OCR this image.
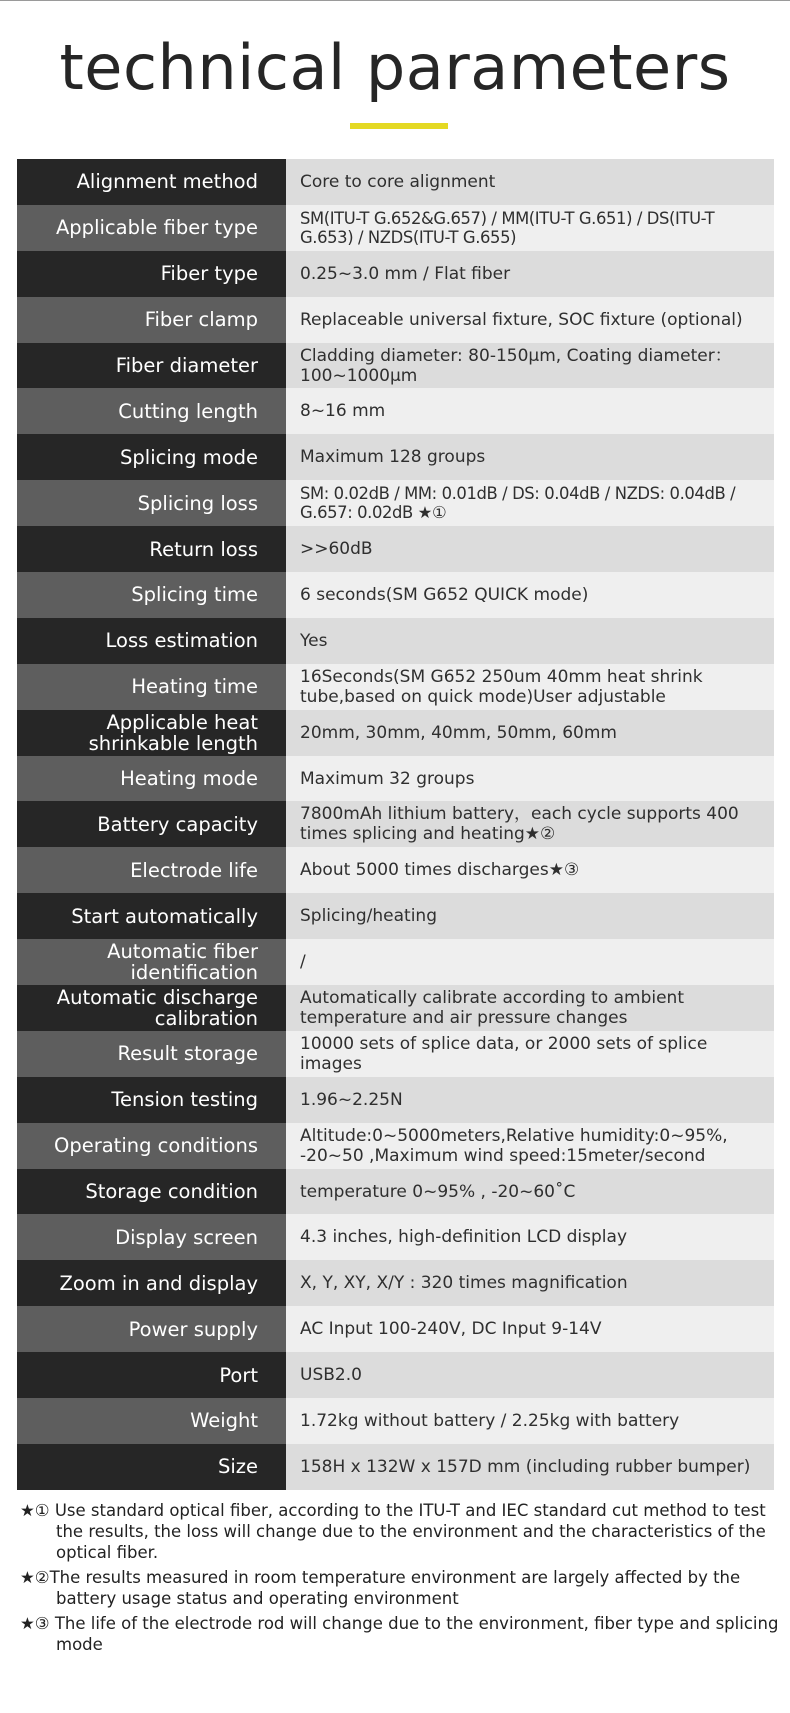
technical parameters
Alignment method Core to core alignment
Applicable fiber type	SM(ITU-T G.652&G.657) / MM(ITU-T G.651) / DS(ITU-T G.653) / NZDS(ITU-T G.655)
Fiber type 0.25~3.0 mm / Flat fiber
Fiber clamp Replaceable universal fixture, SOC fixture (optional)
Fiber diameter Cladding diameter: 80-150μm, Coating diameter：100~1000μm
Cutting length 8~16 mm
Splicing mode Maximum 128 groups
Splicing loss	SM: 0.02dB / MM: 0.01dB / DS: 0.04dB / NZDS: 0.04dB / G.657: 0.02dB ★①
Return loss >>60dB
Splicing time 6 seconds(SM G652 QUICK mode)
Loss estimation Yes
Heating time 16Seconds(SM G652 250um 40mm heat shrink tube,based on quick mode)User adjustable
Applicable heat shrinkable length 20mm, 30mm, 40mm, 50mm, 60mm
Heating mode Maximum 32 groups
Battery capacity 7800mAh lithium battery，each cycle supports 400 times splicing and heating★②
Electrode life About 5000 times discharges★③
Start automatically Splicing/heating
Automatic fiber identification /
Automatic discharge calibration
Automatically calibrate according to ambient temperature and air pressure changes
Result storage 10000 sets of splice data, or 2000 sets of splice images
Tension testing 1.96~2.25N
Operating conditions Altitude:0~5000meters,Relative humidity:0~95%, -20~50 ,Maximum wind speed:15meter/second
Storage condition temperature 0~95% , -20~60˚C
Display screen 4.3 inches, high-definition LCD display
Zoom in and display X, Y, XY, X/Y : 320 times magnification
Power supply AC Input 100-240V, DC Input 9-14V
Port USB2.0
Weight 1.72kg without battery / 2.25kg with battery
Size 158H x 132W x 157D mm (including rubber bumper)
★① Use standard optical fiber, according to the ITU-T and IEC standard cut method to test the results, the loss will change due to the environment and the characteristics of the optical fiber.
★②The results measured in room temperature environment are largely affected by the battery usage status and operating environment
★③ The life of the electrode rod will change due to the environment, fiber type and splicing mode
